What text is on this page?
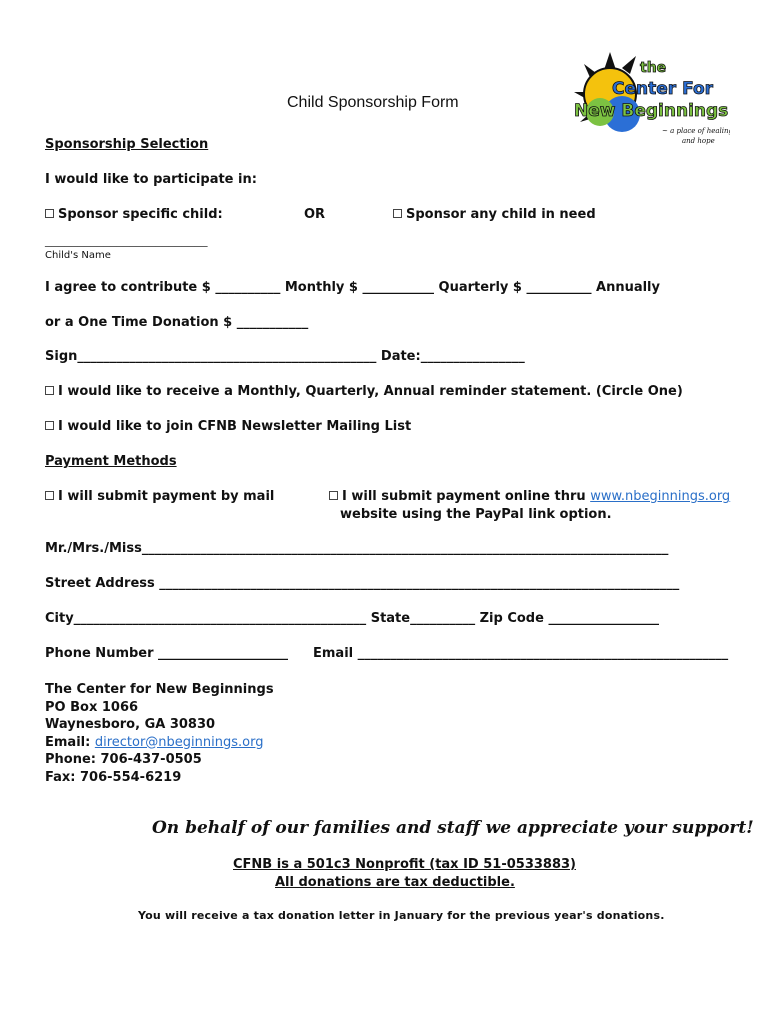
the
Center For
New Beginnings
~ a place of healing
and hope
Child Sponsorship Form
Sponsorship Selection
I would like to participate in:
Sponsor specific child:	OR	Sponsor any child in need
_________________________
Child's Name
I agree to contribute $ __________ Monthly $ ___________ Quarterly $ __________ Annually
or a One Time Donation $ ___________
Sign______________________________________________ Date:________________
I would like to receive a Monthly, Quarterly, Annual reminder statement. (Circle One)
I would like to join CFNB Newsletter Mailing List
Payment Methods
I will submit payment by mail	I will submit payment online thru www.nbeginnings.org
website using the PayPal link option.
Mr./Mrs./Miss_________________________________________________________________________________
Street Address ________________________________________________________________________________
City_____________________________________________ State__________ Zip Code _________________
Phone Number ____________________ Email _________________________________________________________
The Center for New Beginnings
PO Box 1066
Waynesboro, GA 30830
Email: director@nbeginnings.org
Phone: 706-437-0505
Fax: 706-554-6219
On behalf of our families and staff we appreciate your support!
CFNB is a 501c3 Nonprofit (tax ID 51-0533883)
All donations are tax deductible.
You will receive a tax donation letter in January for the previous year's donations.
